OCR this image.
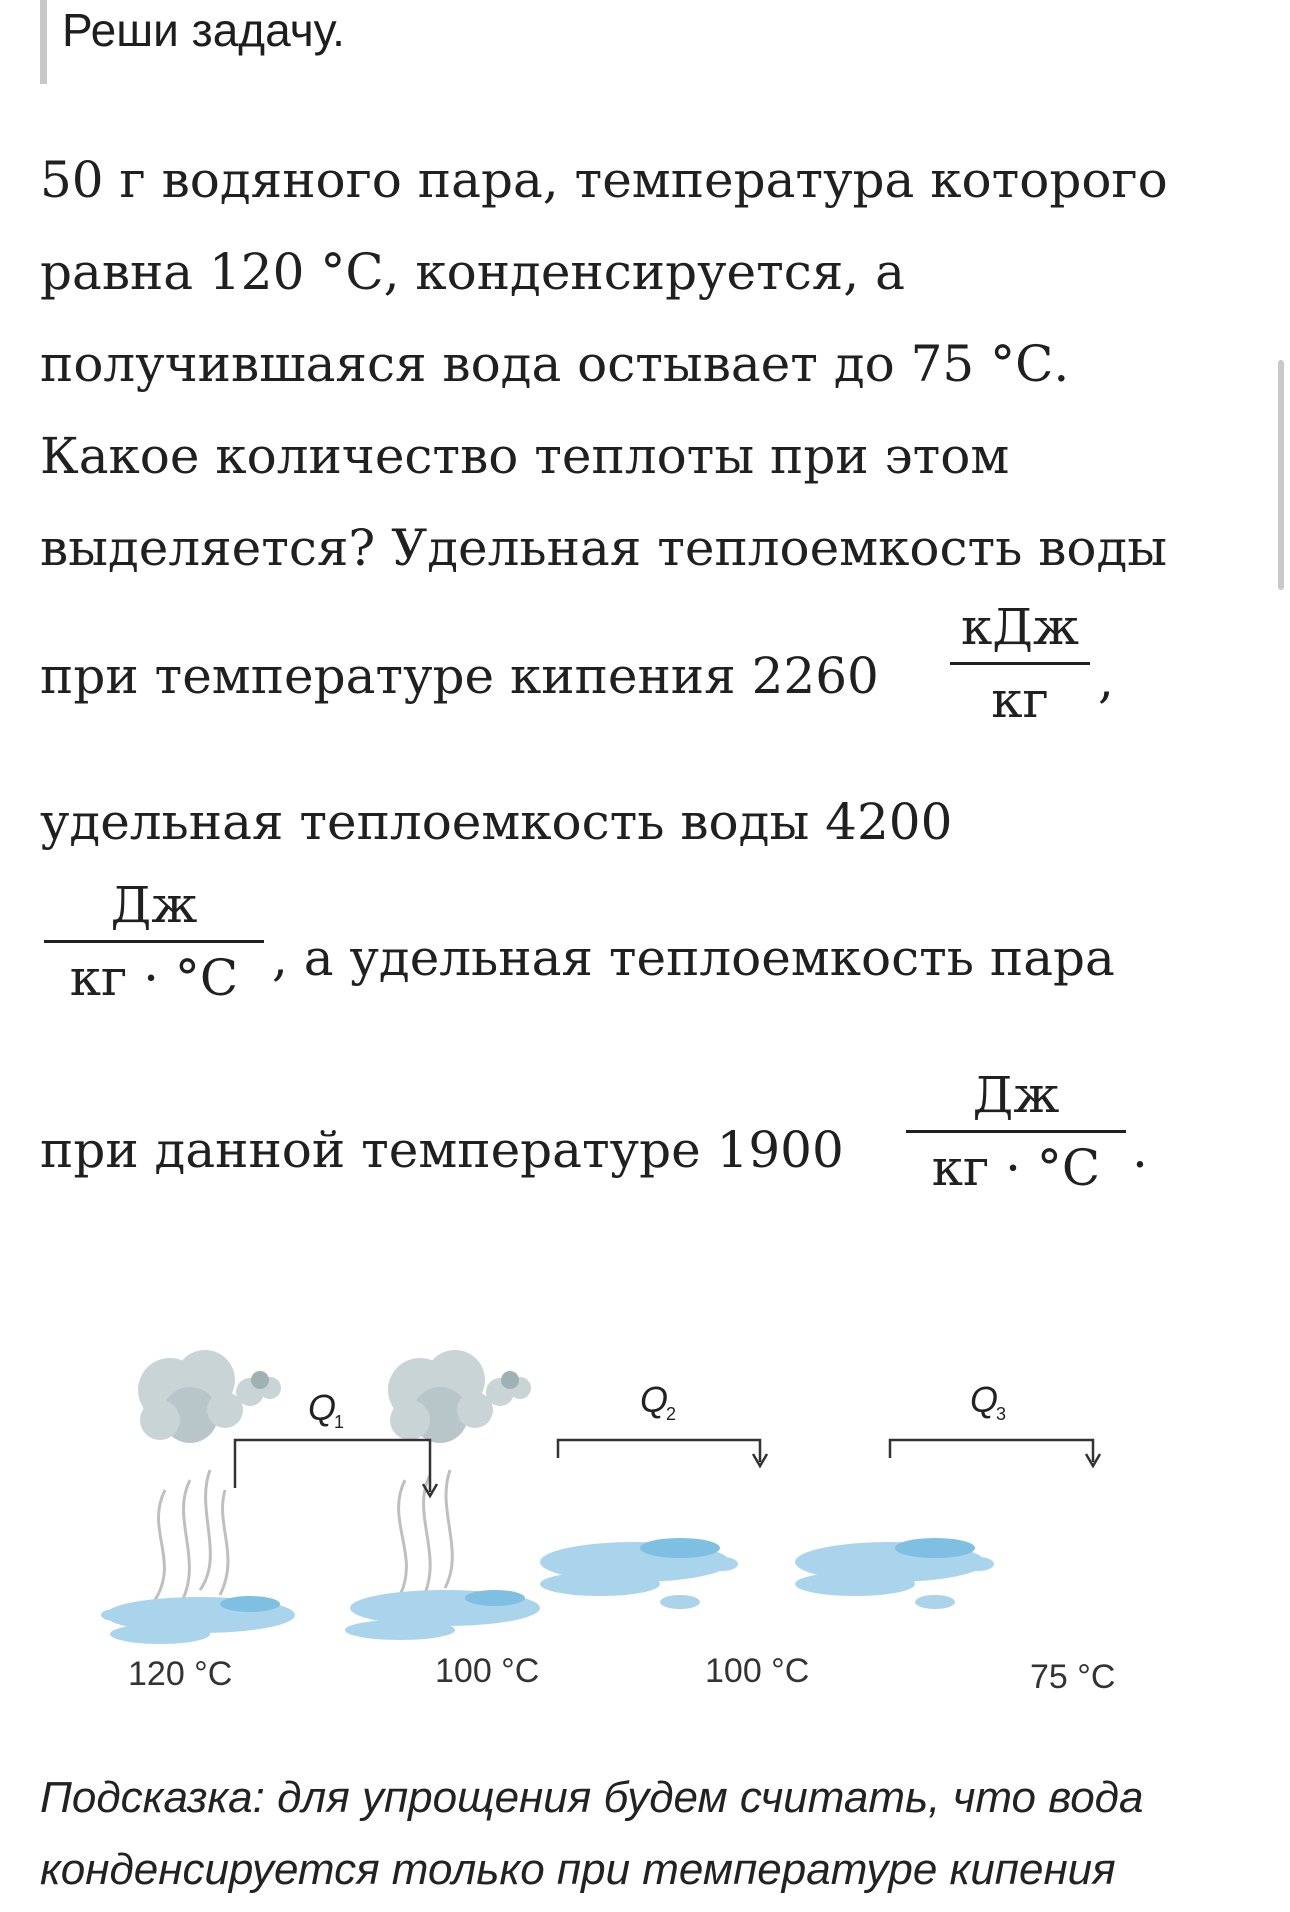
Реши задачу.
50 г водяного пара, температура которого
равна 120 °С, конденсируется, а
получившаяся вода остывает до 75 °С.
Какое количество теплоты при этом
выделяется? Удельная теплоемкость воды
при температуре кипения 2260
кДж
кг ,
удельная теплоемкость воды 4200
Дж
кг · °C , а удельная теплоемкость пара
при данной температуре 1900
Дж
кг · °C .
Q
1
Q
2	Q
3
120 °C	100 °C	100 °C	75 °C
Подсказка: для упрощения будем считать, что вода конденсируется только при температуре кипения
